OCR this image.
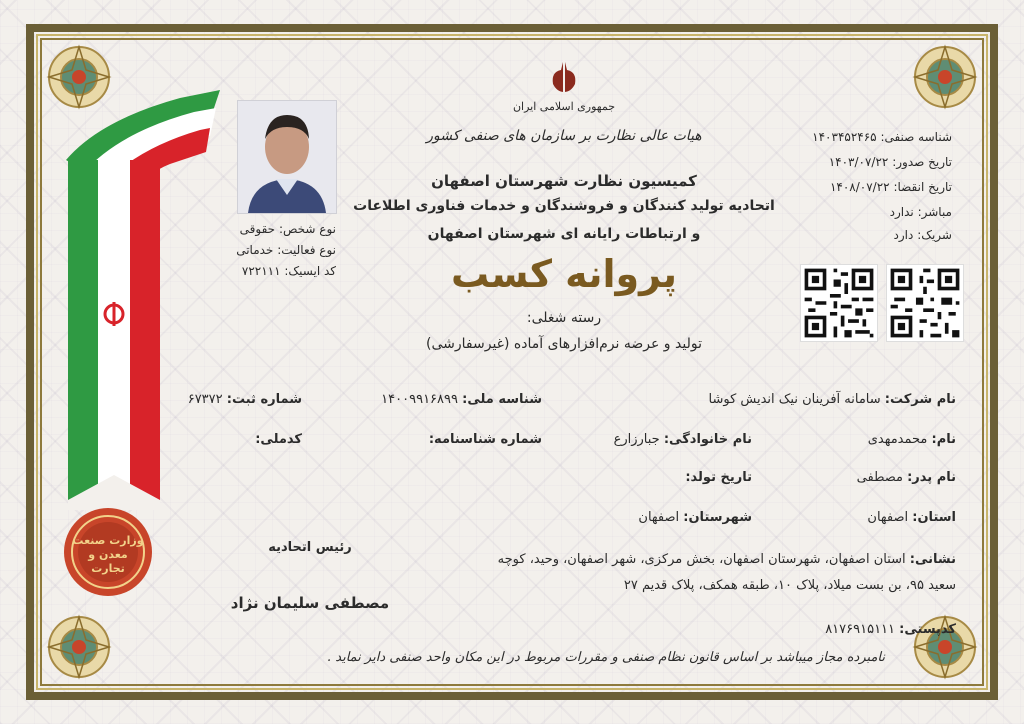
وزارت صنعت معدن و تجارت
جمهوری اسلامی ایران
هیات عالی نظارت بر سازمان های صنفی کشور
کمیسیون نظارت شهرستان اصفهان
اتحادیه تولید کنندگان و فروشندگان و خدمات فناوری اطلاعات
و ارتباطات رایانه ای شهرستان اصفهان
پروانه کسب
رسته شغلی:
تولید و عرضه نرم‌افزارهای آماده (غیرسفارشی)
شناسه صنفی: ۱۴۰۳۴۵۲۴۶۵
تاریخ صدور: ۱۴۰۳/۰۷/۲۲
تاریخ انقضا: ۱۴۰۸/۰۷/۲۲
مباشر: ندارد
شریک: دارد
نوع شخص: حقوقی
نوع فعالیت: خدماتی
کد ایسیک: ۷۲۲۱۱۱
نام شرکت: سامانه آفرینان نیک اندیش کوشا
شناسه ملی: ۱۴۰۰۹۹۱۶۸۹۹
شماره ثبت: ۶۷۳۷۲
نام: محمدمهدی
نام خانوادگی: جبارزارع
شماره شناسنامه:
کدملی:
نام پدر: مصطفی
تاریخ تولد:
استان: اصفهان
شهرستان: اصفهان
نشانی: استان اصفهان، شهرستان اصفهان، بخش مرکزی، شهر اصفهان، وحید، کوچه
سعید ۹۵، بن بست میلاد، پلاک ۱۰، طبقه همکف، پلاک قدیم ۲۷
کدپستی: ۸۱۷۶۹۱۵۱۱۱
رئیس اتحادیه
مصطفی سلیمان نژاد
نامبرده مجاز میباشد بر اساس قانون نظام صنفی و مقررات مربوط در این مکان واحد صنفی دایر نماید .
